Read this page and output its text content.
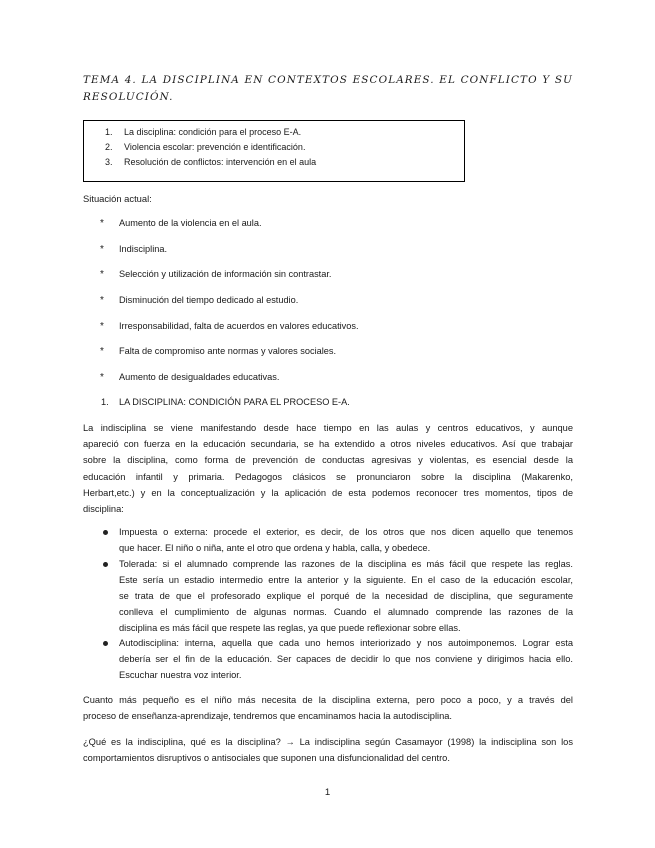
TEMA 4. LA DISCIPLINA EN CONTEXTOS ESCOLARES. EL CONFLICTO Y SU
RESOLUCIÓN.
1.	La disciplina: condición para el proceso E-A.
2.	Violencia escolar: prevención e identificación.
3.	Resolución de conflictos: intervención en el aula
Situación actual:
*	Aumento de la violencia en el aula.
*	Indisciplina.
*	Selección y utilización de información sin contrastar.
*	Disminución del tiempo dedicado al estudio.
*	Irresponsabilidad, falta de acuerdos en valores educativos.
*	Falta de compromiso ante normas y valores sociales.
*	Aumento de desigualdades educativas.
1. LA DISCIPLINA: CONDICIÓN PARA EL PROCESO E-A.
La indisciplina se viene manifestando desde hace tiempo en las aulas y centros educativos, y aunque
apareció con fuerza en la educación secundaria, se ha extendido a otros niveles educativos. Así que trabajar
sobre la disciplina, como forma de prevención de conductas agresivas y violentas, es esencial desde la
educación infantil y primaria. Pedagogos clásicos se pronunciaron sobre la disciplina (Makarenko,
Herbart,etc.) y en la conceptualización y la aplicación de esta podemos reconocer tres momentos, tipos de
disciplina:
Impuesta o externa: procede el exterior, es decir, de los otros que nos dicen aquello que tenemos
que hacer. El niño o niña, ante el otro que ordena y habla, calla, y obedece.
Tolerada: si el alumnado comprende las razones de la disciplina es más fácil que respete las reglas.
Este sería un estadio intermedio entre la anterior y la siguiente. En el caso de la educación escolar,
se trata de que el profesorado explique el porqué de la necesidad de disciplina, que seguramente
conlleva el cumplimiento de algunas normas. Cuando el alumnado comprende las razones de la
disciplina es más fácil que respete las reglas, ya que puede reflexionar sobre ellas.
Autodisciplina: interna, aquella que cada uno hemos interiorizado y nos autoimponemos. Lograr esta
debería ser el fin de la educación. Ser capaces de decidir lo que nos conviene y dirigimos hacia ello.
Escuchar nuestra voz interior.
Cuanto más pequeño es el niño más necesita de la disciplina externa, pero poco a poco, y a través del
proceso de enseñanza-aprendizaje, tendremos que encaminamos hacia la autodisciplina.
¿Qué es la indisciplina, qué es la disciplina? → La indisciplina según Casamayor (1998) la indisciplina son los
comportamientos disruptivos o antisociales que suponen una disfuncionalidad del centro.
1
